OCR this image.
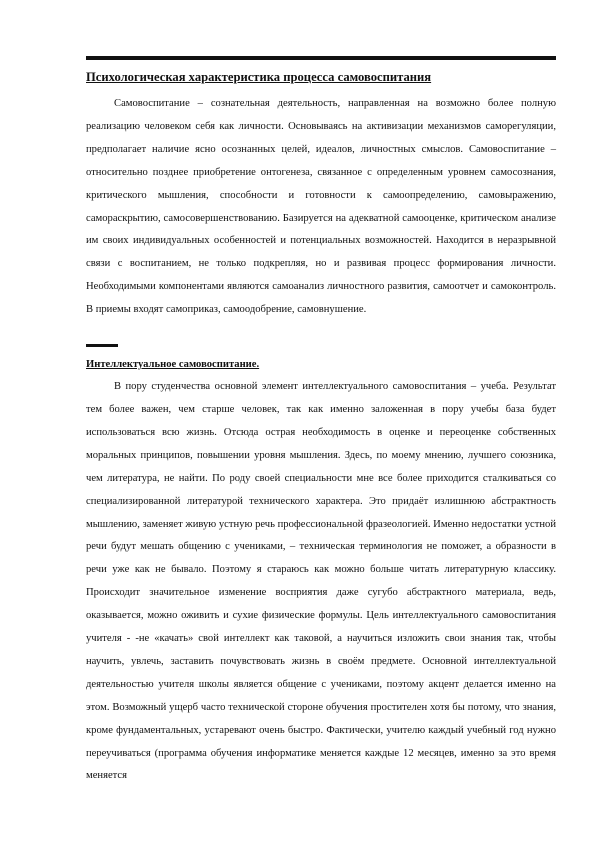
Психологическая характеристика процесса самовоспитания

Самовоспитание – сознательная деятельность, направленная на возможно более полную реализацию человеком себя как личности. Основываясь на активизации механизмов саморегуляции, предполагает наличие ясно осознанных целей, идеалов, личностных смыслов. Самовоспитание – относительно позднее приобретение онтогенеза, связанное с определенным уровнем самосознания, критического мышления, способности и готовности к самоопределению, самовыражению, самораскрытию, самосовершенствованию. Базируется на адекватной самооценке, критическом анализе им своих индивидуальных особенностей и потенциальных возможностей. Находится в неразрывной связи с воспитанием, не только подкрепляя, но и развивая процесс формирования личности. Необходимыми компонентами являются самоанализ личностного развития, самоотчет и самоконтроль. В приемы входят самоприказ, самоодобрение, самовнушение.

Интеллектуальное самовоспитание.

В пору студенчества основной элемент интеллектуального самовоспитания – учеба. Результат тем более важен, чем старше человек, так как именно заложенная в пору учебы база будет использоваться всю жизнь. Отсюда острая необходимость в оценке и переоценке собственных моральных принципов, повышении уровня мышления. Здесь, по моему мнению, лучшего союзника, чем литература, не найти. По роду своей специальности мне все более приходится сталкиваться со специализированной литературой технического характера. Это придаёт излишнюю абстрактность мышлению, заменяет живую устную речь профессиональной фразеологией. Именно недостатки устной речи будут мешать общению с учениками, – техническая терминология не поможет, а образности в речи уже как не бывало. Поэтому я стараюсь как можно больше читать литературную классику. Происходит значительное изменение восприятия даже сугубо абстрактного материала, ведь, оказывается, можно оживить и сухие физические формулы. Цель интеллектуального самовоспитания учителя - -не «качать» свой интеллект как таковой, а научиться изложить свои знания так, чтобы научить, увлечь, заставить почувствовать жизнь в своём предмете. Основной интеллектуальной деятельностью учителя школы является общение с учениками, поэтому акцент делается именно на этом. Возможный ущерб часто технической стороне обучения простителен хотя бы потому, что знания, кроме фундаментальных, устаревают очень быстро. Фактически, учителю каждый учебный год нужно переучиваться (программа обучения информатике меняется каждые 12 месяцев, именно за это время меняется
